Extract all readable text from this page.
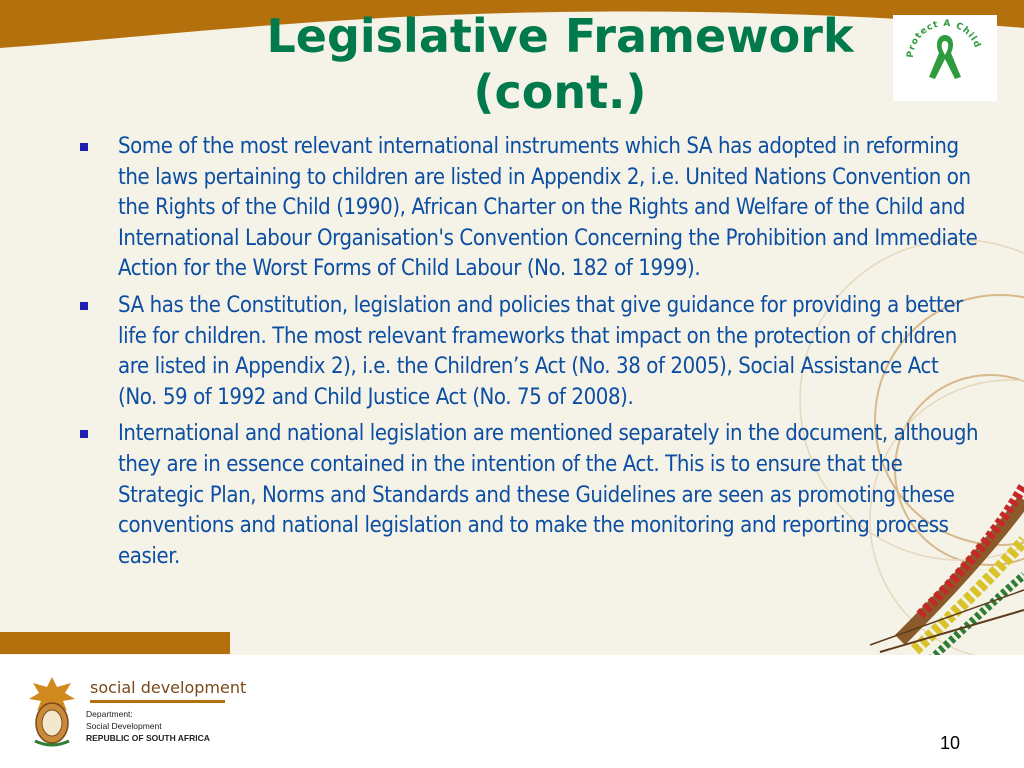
Legislative Framework
(cont.)
Protect A Child
Some of the most relevant international instruments which SA has adopted in reforming the laws pertaining to children are listed in Appendix 2, i.e. United Nations Convention on the Rights of the Child (1990), African Charter on the Rights and Welfare of the Child and International Labour Organisation's Convention Concerning the Prohibition and Immediate Action for the Worst Forms of Child Labour (No. 182 of 1999).
SA has the Constitution, legislation and policies that give guidance for providing a better life for children. The most relevant frameworks that impact on the protection of children are listed in Appendix 2), i.e. the Children’s Act (No. 38 of 2005), Social Assistance Act (No. 59 of 1992 and Child Justice Act (No. 75 of 2008).
International and national legislation are mentioned separately in the document, although they are in essence contained in the intention of the Act. This is to ensure that the Strategic Plan, Norms and Standards and these Guidelines are seen as promoting these conventions and national legislation and to make the monitoring and reporting process easier.
social development
Department:
Social Development
REPUBLIC OF SOUTH AFRICA	10
